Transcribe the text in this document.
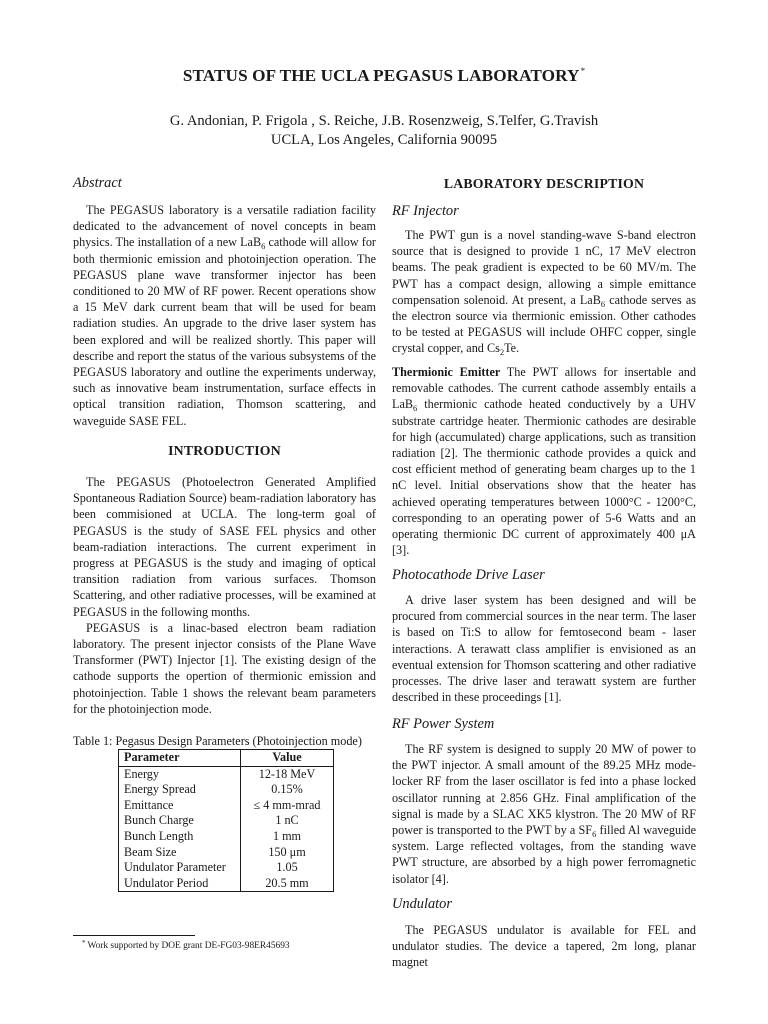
STATUS OF THE UCLA PEGASUS LABORATORY*
G. Andonian, P. Frigola , S. Reiche, J.B. Rosenzweig, S.Telfer, G.Travish
UCLA, Los Angeles, California 90095
Abstract

The PEGASUS laboratory is a versatile radiation facility dedicated to the advancement of novel concepts in beam physics. The installation of a new LaB$_6$ cathode will allow for both thermionic emission and photoinjection operation. The PEGASUS plane wave transformer injector has been conditioned to 20 MW of RF power. Recent operations show a 15 MeV dark current beam that will be used for beam radiation studies. An upgrade to the drive laser system has been explored and will be realized shortly. This paper will describe and report the status of the various subsystems of the PEGASUS laboratory and outline the experiments underway, such as innovative beam instrumentation, surface effects in optical transition radiation, Thomson scattering, and waveguide SASE FEL.

INTRODUCTION

The PEGASUS (Photoelectron Generated Amplified Spontaneous Radiation Source) beam-radiation laboratory has been commisioned at UCLA. The long-term goal of PEGASUS is the study of SASE FEL physics and other beam-radiation interactions. The current experiment in progress at PEGASUS is the study and imaging of optical transition radiation from various surfaces. Thomson Scattering, and other radiative processes, will be examined at PEGASUS in the following months.

PEGASUS is a linac-based electron beam radiation laboratory. The present injector consists of the Plane Wave Transformer (PWT) Injector [1]. The existing design of the cathode supports the opertion of thermionic emission and photoinjection. Table 1 shows the relevant beam parameters for the photoinjection mode.

Table 1: Pegasus Design Parameters (Photoinjection mode)
Parameter	Value
Energy	12-18 MeV
Energy Spread	0.15%
Emittance	≤ 4 mm-mrad
Bunch Charge	1 nC
Bunch Length	1 mm
Beam Size	150 μm
Undulator Parameter	1.05
Undulator Period	20.5 mm
* Work supported by DOE grant DE-FG03-98ER45693
LABORATORY DESCRIPTION
RF Injector

The PWT gun is a novel standing-wave S-band electron source that is designed to provide 1 nC, 17 MeV electron beams. The peak gradient is expected to be 60 MV/m. The PWT has a compact design, allowing a simple emittance compensation solenoid. At present, a LaB$_6$ cathode serves as the electron source via thermionic emission. Other cathodes to be tested at PEGASUS will include OHFC copper, single crystal copper, and $Cs_2Te$.

Thermionic Emitter The PWT allows for insertable and removable cathodes. The current cathode assembly entails a LaB$_6$ thermionic cathode heated conductively by a UHV substrate cartridge heater. Thermionic cathodes are desirable for high (accumulated) charge applications, such as transition radiation [2]. The thermionic cathode provides a quick and cost efficient method of generating beam charges up to the 1 nC level. Initial observations show that the heater has achieved operating temperatures between 1000°C - 1200°C, corresponding to an operating power of 5-6 Watts and an operating thermionic DC current of approximately 400 μA [3].

Photocathode Drive Laser

A drive laser system has been designed and will be procured from commercial sources in the near term. The laser is based on Ti:S to allow for femtosecond beam - laser interactions. A terawatt class amplifier is envisioned as an eventual extension for Thomson scattering and other radiative processes. The drive laser and terawatt system are further described in these proceedings [1].

RF Power System

The RF system is designed to supply 20 MW of power to the PWT injector. A small amount of the 89.25 MHz mode-locker RF from the laser oscillator is fed into a phase locked oscillator running at 2.856 GHz. Final amplification of the signal is made by a SLAC XK5 klystron. The 20 MW of RF power is transported to the PWT by a $SF_6$ filled Al waveguide system. Large reflected voltages, from the standing wave PWT structure, are absorbed by a high power ferromagnetic isolator [4].

Undulator

The PEGASUS undulator is available for FEL and undulator studies. The device a tapered, 2m long, planar magnet
